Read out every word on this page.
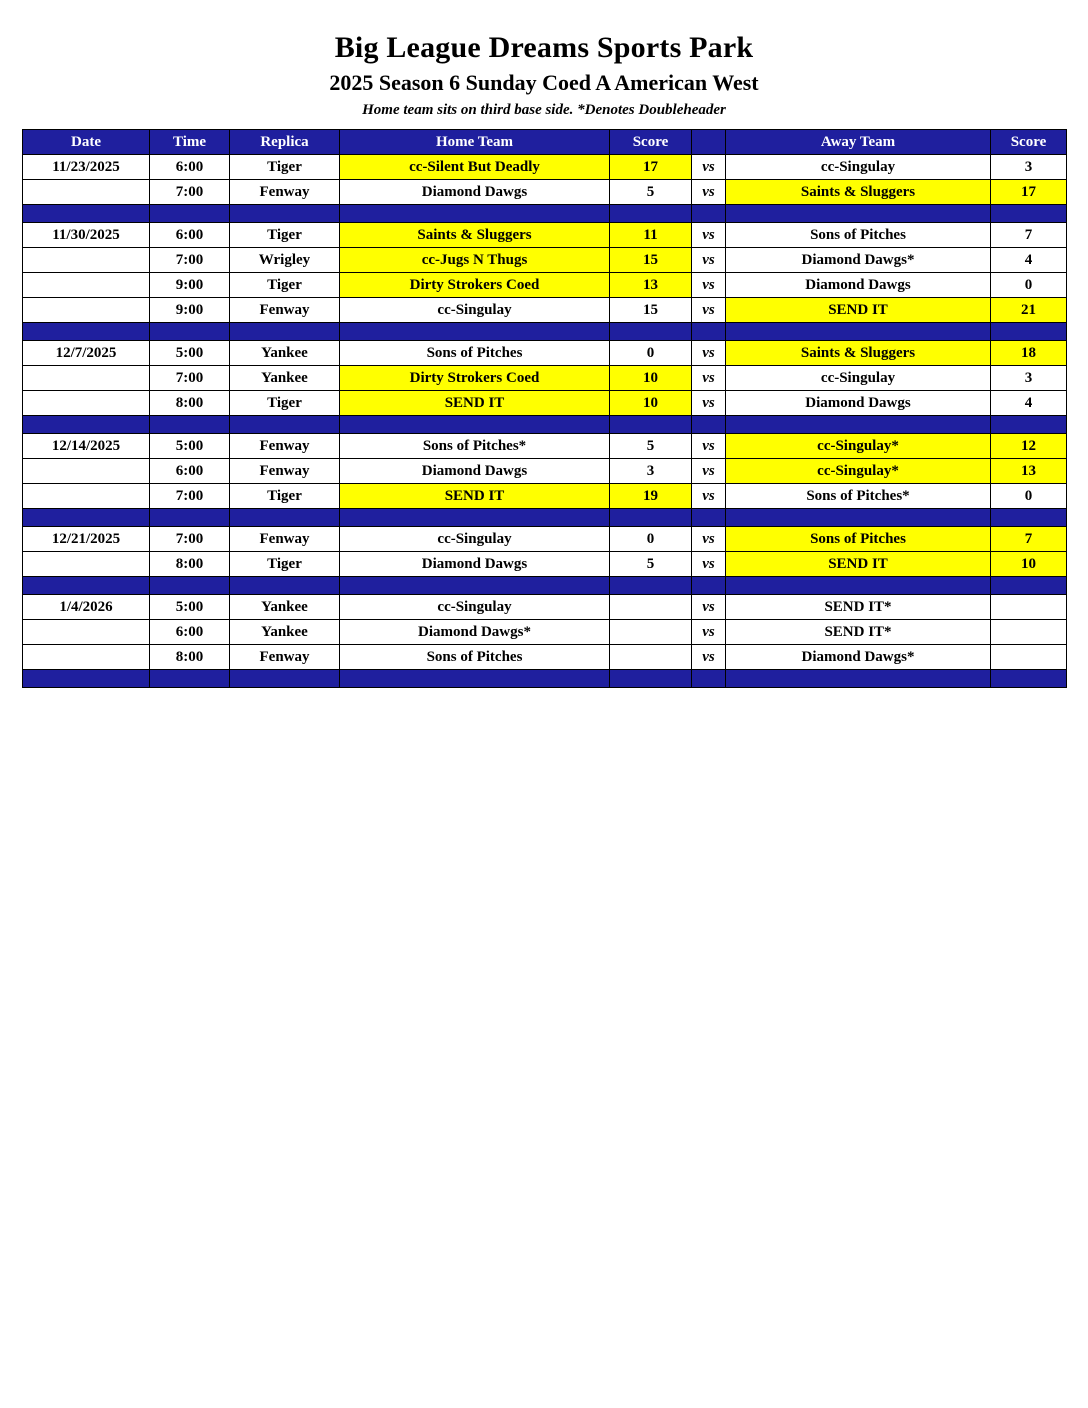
Big League Dreams Sports Park
2025 Season 6 Sunday Coed A American West
Home team sits on third base side. *Denotes Doubleheader
Date	Time	Replica	Home Team	Score		Away Team	Score
11/23/2025	6:00	Tiger	cc-Silent But Deadly	17	vs	cc-Singulay	3
	7:00	Fenway	Diamond Dawgs	5	vs	Saints & Sluggers	17

11/30/2025	6:00	Tiger	Saints & Sluggers	11	vs	Sons of Pitches	7
	7:00	Wrigley	cc-Jugs N Thugs	15	vs	Diamond Dawgs*	4
	9:00	Tiger	Dirty Strokers Coed	13	vs	Diamond Dawgs	0
	9:00	Fenway	cc-Singulay	15	vs	SEND IT	21

12/7/2025	5:00	Yankee	Sons of Pitches	0	vs	Saints & Sluggers	18
	7:00	Yankee	Dirty Strokers Coed	10	vs	cc-Singulay	3
	8:00	Tiger	SEND IT	10	vs	Diamond Dawgs	4

12/14/2025	5:00	Fenway	Sons of Pitches*	5	vs	cc-Singulay*	12
	6:00	Fenway	Diamond Dawgs	3	vs	cc-Singulay*	13
	7:00	Tiger	SEND IT	19	vs	Sons of Pitches*	0

12/21/2025	7:00	Fenway	cc-Singulay	0	vs	Sons of Pitches	7
	8:00	Tiger	Diamond Dawgs	5	vs	SEND IT	10

1/4/2026	5:00	Yankee	cc-Singulay		vs	SEND IT*	
	6:00	Yankee	Diamond Dawgs*		vs	SEND IT*	
	8:00	Fenway	Sons of Pitches		vs	Diamond Dawgs*	
